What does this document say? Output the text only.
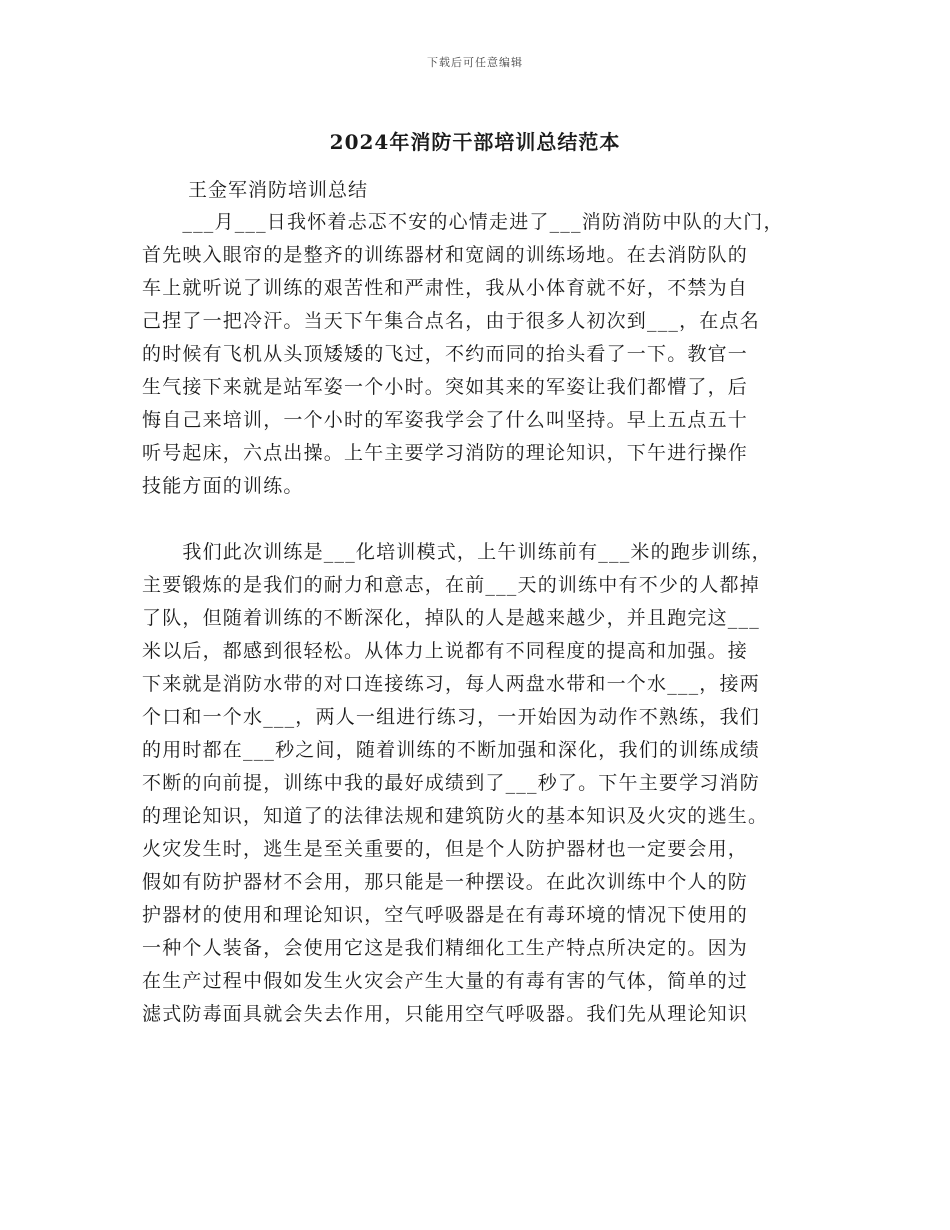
下载后可任意编辑
2024年消防干部培训总结范本
王金军消防培训总结
　　___月___日我怀着忐忑不安的心情走进了___消防消防中队的大门，
首先映入眼帘的是整齐的训练器材和宽阔的训练场地。在去消防队的
车上就听说了训练的艰苦性和严肃性，我从小体育就不好，不禁为自
己捏了一把冷汗。当天下午集合点名，由于很多人初次到___，在点名
的时候有飞机从头顶矮矮的飞过，不约而同的抬头看了一下。教官一
生气接下来就是站军姿一个小时。突如其来的军姿让我们都懵了，后
悔自己来培训，一个小时的军姿我学会了什么叫坚持。早上五点五十
听号起床，六点出操。上午主要学习消防的理论知识，下午进行操作
技能方面的训练。
　　我们此次训练是___化培训模式，上午训练前有___米的跑步训练，
主要锻炼的是我们的耐力和意志，在前___天的训练中有不少的人都掉
了队，但随着训练的不断深化，掉队的人是越来越少，并且跑完这___
米以后，都感到很轻松。从体力上说都有不同程度的提高和加强。接
下来就是消防水带的对口连接练习，每人两盘水带和一个水___，接两
个口和一个水___，两人一组进行练习，一开始因为动作不熟练，我们
的用时都在___秒之间，随着训练的不断加强和深化，我们的训练成绩
不断的向前提，训练中我的最好成绩到了___秒了。下午主要学习消防
的理论知识，知道了的法律法规和建筑防火的基本知识及火灾的逃生。
火灾发生时，逃生是至关重要的，但是个人防护器材也一定要会用，
假如有防护器材不会用，那只能是一种摆设。在此次训练中个人的防
护器材的使用和理论知识，空气呼吸器是在有毒环境的情况下使用的
一种个人装备，会使用它这是我们精细化工生产特点所决定的。因为
在生产过程中假如发生火灾会产生大量的有毒有害的气体，简单的过
滤式防毒面具就会失去作用，只能用空气呼吸器。我们先从理论知识
